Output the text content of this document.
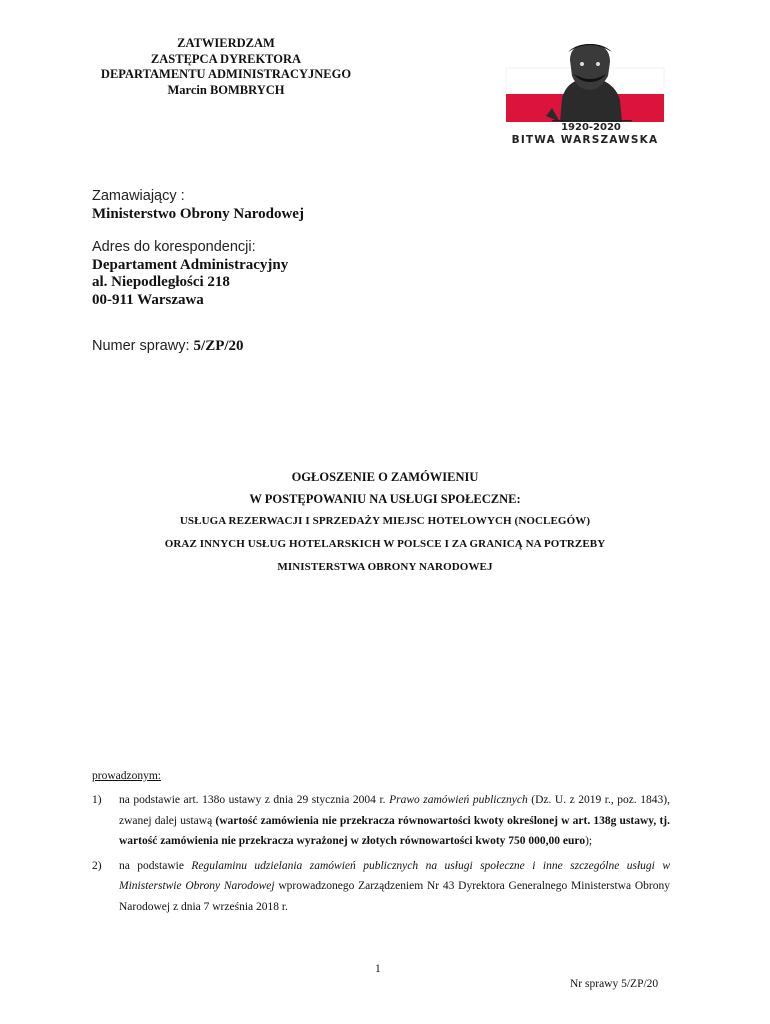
ZATWIERDZAM
ZASTĘPCA DYREKTORA
DEPARTAMENTU ADMINISTRACYJNEGO
Marcin BOMBRYCH
1920-2020
BITWA WARSZAWSKA
Zamawiający :
Ministerstwo Obrony Narodowej
Adres do korespondencji:
Departament Administracyjny
al. Niepodległości 218
00-911 Warszawa
Numer sprawy: 5/ZP/20
OGŁOSZENIE O ZAMÓWIENIU
W POSTĘPOWANIU NA USŁUGI SPOŁECZNE:
USŁUGA REZERWACJI I SPRZEDAŻY MIEJSC HOTELOWYCH (NOCLEGÓW)
ORAZ INNYCH USŁUG HOTELARSKICH W POLSCE I ZA GRANICĄ NA POTRZEBY
MINISTERSTWA OBRONY NARODOWEJ
prowadzonym:
1) na podstawie art. 138o ustawy z dnia 29 stycznia 2004 r. Prawo zamówień publicznych (Dz. U. z 2019 r., poz. 1843), zwanej dalej ustawą (wartość zamówienia nie przekracza równowartości kwoty określonej w art. 138g ustawy, tj. wartość zamówienia nie przekracza wyrażonej w złotych równowartości kwoty 750 000,00 euro);
2) na podstawie Regulaminu udzielania zamówień publicznych na usługi społeczne i inne szczególne usługi w Ministerstwie Obrony Narodowej wprowadzonego Zarządzeniem Nr 43 Dyrektora Generalnego Ministerstwa Obrony Narodowej z dnia 7 września 2018 r.
1
Nr sprawy 5/ZP/20
